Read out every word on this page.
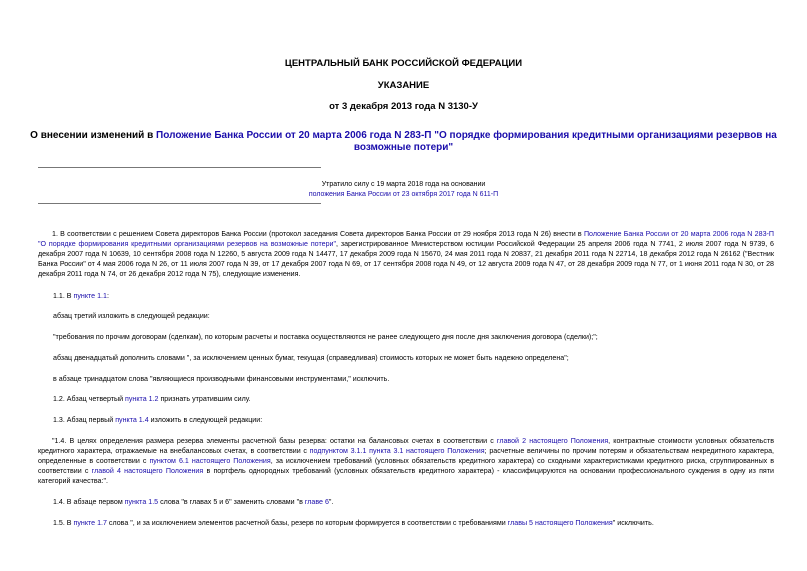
ЦЕНТРАЛЬНЫЙ БАНК РОССИЙСКОЙ ФЕДЕРАЦИИ
УКАЗАНИЕ
от 3 декабря 2013 года N 3130-У
О внесении изменений в Положение Банка России от 20 марта 2006 года N 283-П "О порядке формирования кредитными организациями резервов на возможные потери"
Утратило силу с 19 марта 2018 года на основании
положения Банка России от 23 октября 2017 года N 611-П
1. В соответствии с решением Совета директоров Банка России (протокол заседания Совета директоров Банка России от 29 ноября 2013 года N 26) внести в Положение Банка России от 20 марта 2006 года N 283-П "О порядке формирования кредитными организациями резервов на возможные потери", зарегистрированное Министерством юстиции Российской Федерации 25 апреля 2006 года N 7741, 2 июля 2007 года N 9739, 6 декабря 2007 года N 10639, 10 сентября 2008 года N 12260, 5 августа 2009 года N 14477, 17 декабря 2009 года N 15670, 24 мая 2011 года N 20837, 21 декабря 2011 года N 22714, 18 декабря 2012 года N 26162 ("Вестник Банка России" от 4 мая 2006 года N 26, от 11 июля 2007 года N 39, от 17 декабря 2007 года N 69, от 17 сентября 2008 года N 49, от 12 августа 2009 года N 47, от 28 декабря 2009 года N 77, от 1 июня 2011 года N 30, от 28 декабря 2011 года N 74, от 26 декабря 2012 года N 75), следующие изменения.
1.1. В пункте 1.1:
абзац третий изложить в следующей редакции:
"требования по прочим договорам (сделкам), по которым расчеты и поставка осуществляются не ранее следующего дня после дня заключения договора (сделки);";
абзац двенадцатый дополнить словами ", за исключением ценных бумаг, текущая (справедливая) стоимость которых не может быть надежно определена";
в абзаце тринадцатом слова "являющиеся производными финансовыми инструментами," исключить.
1.2. Абзац четвертый пункта 1.2 признать утратившим силу.
1.3. Абзац первый пункта 1.4 изложить в следующей редакции:
"1.4. В целях определения размера резерва элементы расчетной базы резерва: остатки на балансовых счетах в соответствии с главой 2 настоящего Положения, контрактные стоимости условных обязательств кредитного характера, отражаемые на внебалансовых счетах, в соответствии с подпунктом 3.1.1 пункта 3.1 настоящего Положения; расчетные величины по прочим потерям и обязательствам некредитного характера, определенные в соответствии с пунктом 6.1 настоящего Положения, за исключением требований (условных обязательств кредитного характера) со сходными характеристиками кредитного риска, сгруппированных в соответствии с главой 4 настоящего Положения в портфель однородных требований (условных обязательств кредитного характера) - классифицируются на основании профессионального суждения в одну из пяти категорий качества:".
1.4. В абзаце первом пункта 1.5 слова "в главах 5 и 6" заменить словами "в главе 6".
1.5. В пункте 1.7 слова ", и за исключением элементов расчетной базы, резерв по которым формируется в соответствии с требованиями главы 5 настоящего Положения" исключить.
